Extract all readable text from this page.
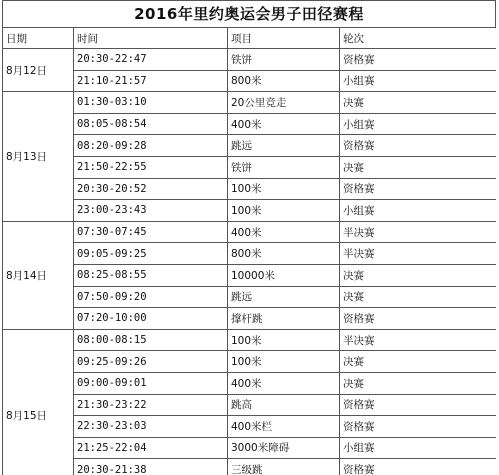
2016年里约奥运会男子田径赛程
日期	时间	项目	轮次
8月12日	20:30-22:47	铁饼	资格赛
	21:10-21:57	800米	小组赛
8月13日	01:30-03:10	20公里竞走	决赛
	08:05-08:54	400米	小组赛
	08:20-09:28	跳远	资格赛
	21:50-22:55	铁饼	决赛
	20:30-20:52	100米	资格赛
	23:00-23:43	100米	小组赛
8月14日	07:30-07:45	400米	半决赛
	09:05-09:25	800米	半决赛
	08:25-08:55	10000米	决赛
	07:50-09:20	跳远	决赛
	07:20-10:00	撑杆跳	资格赛
8月15日	08:00-08:15	100米	半决赛
	09:25-09:26	100米	决赛
	09:00-09:01	400米	决赛
	21:30-23:22	跳高	资格赛
	22:30-23:03	400米栏	资格赛
	21:25-22:04	3000米障碍	小组赛
	20:30-21:38	三级跳	资格赛
